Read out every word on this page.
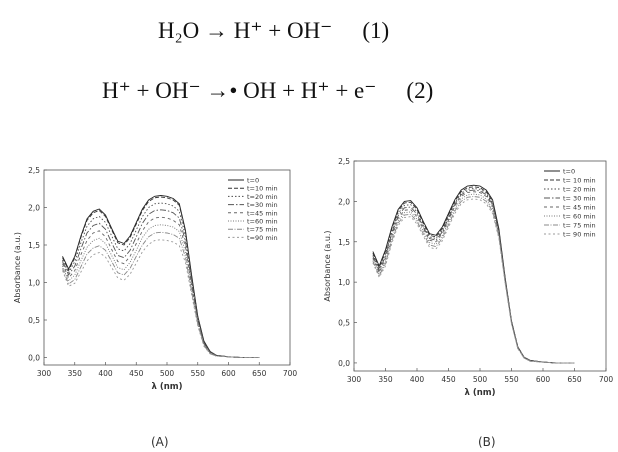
H₂O → H⁺ + OH⁻ (1)
H⁺ + OH⁻ →• OH + H⁺ + e⁻ (2)
300 350 400 450 500 550 600 650 700
0,0
0,5
1,0
1,5
2,0
2,5
λ (nm)
Absorbance (a.u.)
t=0
t=10 min
t=20 min
t=30 min
t=45 min
t=60 min
t=75 min
t=90 min
300 350 400 450 500 550 600 650 700
0,0
0,5
1,0
1,5
2,0
2,5
λ (nm)
Absorbance (a.u.)
t=0
t= 10 min
t= 20 min
t= 30 min
t= 45 min
t= 60 min
t= 75 min
t= 90 min
(A)	(B)
